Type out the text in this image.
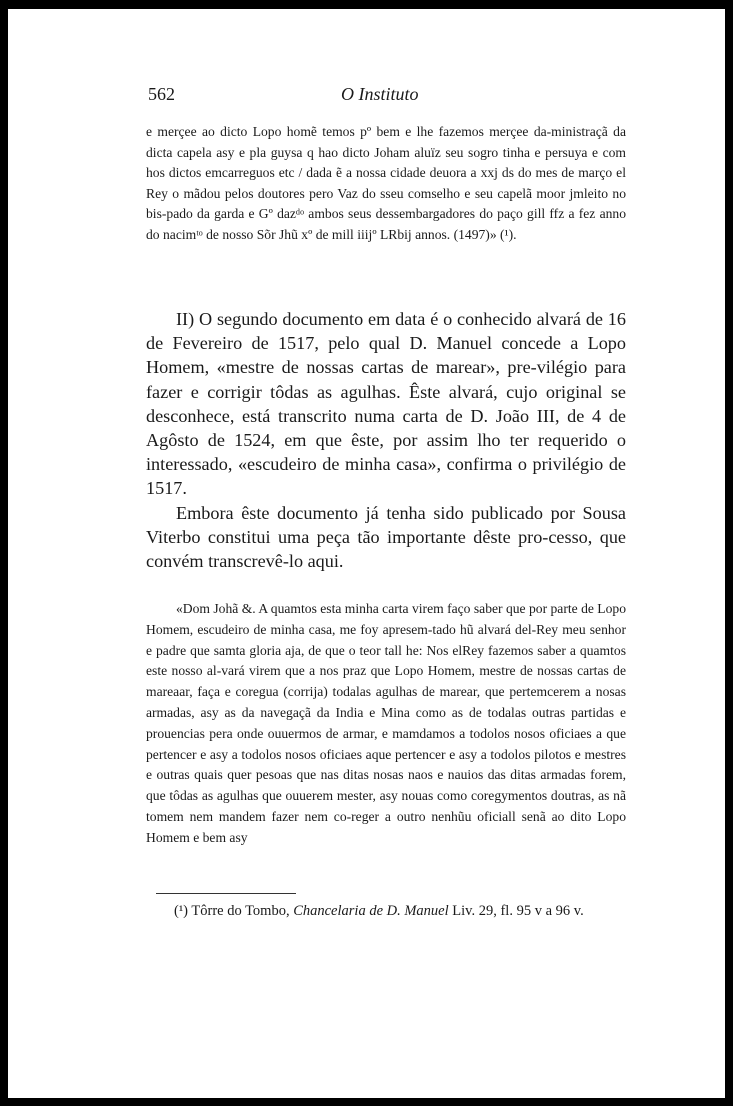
562	O Instituto
e merçee ao dicto Lopo homẽ temos pº bem e lhe fazemos merçee da-ministraçã da dicta capela asy e pla guysa q hao dicto Joham aluïz seu sogro tinha e persuya e com hos dictos emcarreguos etc / dada ẽ a nossa cidade deuora a xxj ds do mes de março el Rey o mãdou pelos doutores pero Vaz do sseu comselho e seu capelã moor jmleito no bis-pado da garda e Gº dazᵈᵒ ambos seus dessembargadores do paço gill ffz a fez anno do nacimᵗᵒ de nosso Sõr Jhũ xº de mill iiijº LRbij annos. (1497)» (¹).

II) O segundo documento em data é o conhecido alvará de 16 de Fevereiro de 1517, pelo qual D. Manuel concede a Lopo Homem, «mestre de nossas cartas de marear», pre-vilégio para fazer e corrigir tôdas as agulhas. Êste alvará, cujo original se desconhece, está transcrito numa carta de D. João III, de 4 de Agôsto de 1524, em que êste, por assim lho ter requerido o interessado, «escudeiro de minha casa», confirma o privilégio de 1517.

Embora êste documento já tenha sido publicado por Sousa Viterbo constitui uma peça tão importante dêste pro-cesso, que convém transcrevê-lo aqui.

«Dom Johã &. A quamtos esta minha carta virem faço saber que por parte de Lopo Homem, escudeiro de minha casa, me foy apresem-tado hũ alvará del-Rey meu senhor e padre que samta gloria aja, de que o teor tall he: Nos elRey fazemos saber a quamtos este nosso al-vará virem que a nos praz que Lopo Homem, mestre de nossas cartas de mareaar, faça e coregua (corrija) todalas agulhas de marear, que pertemcerem a nosas armadas, asy as da navegaçã da India e Mina como as de todalas outras partidas e prouencias pera onde ouuermos de armar, e mamdamos a todolos nosos oficiaes a que pertencer e asy a todolos nosos oficiaes aque pertencer e asy a todolos pilotos e mestres e outras quais quer pesoas que nas ditas nosas naos e nauios das ditas armadas forem, que tôdas as agulhas que ouuerem mester, asy nouas como coregymentos doutras, as nã tomem nem mandem fazer nem co-reger a outro nenhũu oficiall senã ao dito Lopo Homem e bem asy

(¹) Tôrre do Tombo, Chancelaria de D. Manuel Liv. 29, fl. 95 v a 96 v.
